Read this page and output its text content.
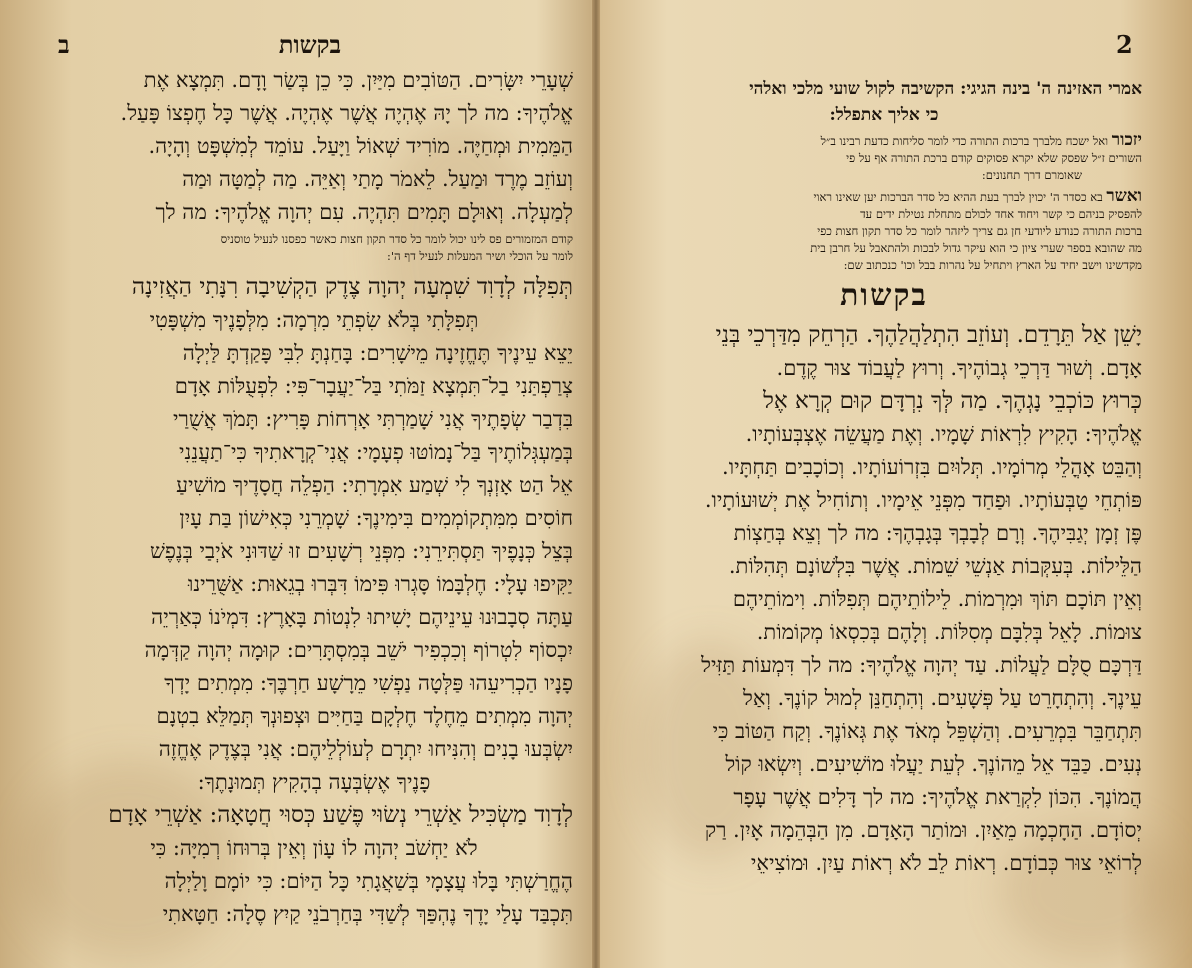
ב	בקשות
שְׁעָרֵי יִשָּׂרִים. הַטּוֹבִים מִיַּיִן. כִּי כֵן בְּשַׂר וָדָם. תִּמְצָא אֶת
אֱלֹהֶיךָ: מה לך יָהּ אֶהְיֶה אֲשֶׁר אֶהְיֶה. אֲשֶׁר כָּל חֶפְצוֹ פָּעַל.
הַמֵּמִית וּמְחַיֶּה. מוֹרִיד שְׁאוֹל וַיָּעַל. עוֹמֵד לְמִשְׁפָּט וְהָיָה.
וְעוֹזֵב מֶרֶד וּמַעַל. לֵאמֹר מָתַי וְאַיֵּה. מַה לְמַטָּה וּמַה
לְמַעְלָה. וְאוּלָם תָּמִים תִּהְיֶה. עִם יְהוָה אֱלֹהֶיךָ: מה לך
קודם המזמורים פס לינו יכול לומר כל סדר תקון חצות כאשר כפסנו לנעיל טוסניס
לומר על הוכלי ושיר המעלות לנעיל דף ה':
תְּפִלָּה לְדָוִד שִׁמְעָה יְהוָה צֶדֶק הַקְשִׁיבָה רִנָּתִי הַאֲזִינָה
תְּפִלָּתִי בְּלֹא שִׂפְתֵי מִרְמָה: מִלְּפָנֶיךָ מִשְׁפָּטִי
יֵצֵא עֵינֶיךָ תֶּחֱזֶינָה מֵישָׁרִים: בָּחַנְתָּ לִבִּי פָּקַדְתָּ לַּיְלָה
צְרַפְתַּנִי בַל־תִּמְצָא זַמֹּתִי בַּל־יַעֲבָר־פִּי: לִפְעֻלּוֹת אָדָם
בִּדְבַר שְׂפָתֶיךָ אֲנִי שָׁמַרְתִּי אָרְחוֹת פָּרִיץ: תָּמֹךְ אֲשֻׁרַי
בְּמַעְגְּלוֹתֶיךָ בַּל־נָמוֹטּוּ פְעָמָי: אֲנִי־קְרָאתִיךָ כִּי־תַעֲנֵנִי
אֵל הַט אָזְנְךָ לִי שְׁמַע אִמְרָתִי: הַפְלֵה חֲסָדֶיךָ מוֹשִׁיעַ
חוֹסִים מִמִּתְקוֹמְמִים בִּימִינֶךָ: שָׁמְרֵנִי כְּאִישׁוֹן בַּת עָיִן
בְּצֵל כְּנָפֶיךָ תַּסְתִּירֵנִי: מִפְּנֵי רְשָׁעִים זוּ שַׁדּוּנִי אֹיְבַי בְּנֶפֶשׁ
יַקִּיפוּ עָלָי: חֶלְבָּמוֹ סָּגְרוּ פִּימוֹ דִּבְּרוּ בְגֵאוּת: אַשֻּׁרֵינוּ
עַתָּה סְבָבוּנוּ עֵינֵיהֶם יָשִׁיתוּ לִנְטוֹת בָּאָרֶץ: דִּמְיֹנוֹ כְּאַרְיֵה
יִכְסוֹף לִטְרוֹף וְכִכְפִיר יֹשֵׁב בְּמִסְתָּרִים: קוּמָה יְהוָה קַדְּמָה
פָנָיו הַכְרִיעֵהוּ פַּלְּטָה נַפְשִׁי מֵרָשָׁע חַרְבֶּךָ: מִמְתִים יָדְךָ
יְהוָה מִמְתִים מֵחֶלֶד חֶלְקָם בַּחַיִּים וּצְפוּנְךָ תְּמַלֵּא בִטְנָם
יִשְׂבְּעוּ בָנִים וְהִנִּיחוּ יִתְרָם לְעוֹלְלֵיהֶם: אֲנִי בְּצֶדֶק אֶחֱזֶה
פָנֶיךָ אֶשְׂבְּעָה בְהָקִיץ תְּמוּנָתֶךָ:
לְדָוִד מַשְׂכִּיל אַשְׁרֵי נְשׂוּי פֶּשַׁע כְּסוּי חֲטָאָה: אַשְׁרֵי אָדָם
לֹא יַחְשֹׁב יְהוָה לוֹ עָוֹן וְאֵין בְּרוּחוֹ רְמִיָּה: כִּי
הֶחֱרַשְׁתִּי בָּלוּ עֲצָמָי בְּשַׁאֲגָתִי כָּל הַיּוֹם: כִּי יוֹמָם וָלַיְלָה
תִּכְבַּד עָלַי יָדֶךָ נֶהְפַּךְ לְשַׁדִּי בְּחַרְבֹנֵי קַיִץ סֶלָה: חַטָּאתִי
2
אמרי האזינה ה' בינה הגיגי: הקשיבה לקול שועי מלכי ואלהי
כי אליך אתפלל:
יזכור ואל ישכח מלברך ברכות התורה כדי לומר סליחות כדעת רבינו ב״ל
השורים ז״ל שפסק שלא יקרא פסוקים קודם ברכת התורה אף על פי
שאומרם דרך תחנונים:
ואשר בא כסדר ה' יכוין לברך בעת ההיא כל סדר הברכות יען שאינו ראוי
להפסיק בניהם כי קשר ויחוד אחד לכולם מתחלת נטילת ידים עד
ברכות התורה כנודע ליודעי חן גם צריך ליזהר לומר כל סדר תקון חצות כפי
מה שהובא בספר שערי ציון כי הוא עיקר גדול לבכות ולהתאבל על חרבן בית
מקדשינו וישב יחיד על הארץ ויתחיל על נהרות בבל וכו' כנכתוב שם:
בקשות
יָשֵׁן אַל תֵּרָדֵם. וְעוֹזֵב הִתְלַהֲלַהֶךָ. הַרְחֵק מִדַּרְכֵי בְּנֵי
אָדָם. וְשׁוּר דַּרְכֵי גְבוֹהֶיךָ. וְרוּץ לַעֲבוֹד צוּר קֶדֶם.
כְּרוּץ כּוֹכְבֵי נָגְהֶךָ. מַה לְּךָ נִרְדָּם קוּם קְרָא אֶל
אֱלֹהֶיךָ: הָקִיץ לִרְאוֹת שָׁמָיו. וְאֶת מַעֲשֵׂה אֶצְבְּעוֹתָיו.
וְהַבֵּט אָהֳלֵי מְרוֹמָיו. תְּלוּיִם בִּזְרוֹעוֹתָיו. וְכוֹכָבִים תַּחְתָּיו.
פּוֹתְחֵי טַבְּעוֹתָיו. וּפַחַד מִפְּנֵי אֵימָיו. וְתוֹחִיל אֶת יְשׁוּעוֹתָיו.
פֶּן זְמָן יְגַבִּיהֶךָ. וְרָם לְבָבְךָ בְּגָבְהֶךָ: מה לך וְצֵא בְּחַצְוֹת
הַלֵּילוֹת. בְּעִקְּבוֹת אַנְשֵׁי שֵׁמוֹת. אֲשֶׁר בִּלְשׁוֹנָם תְּהִלּוֹת.
וְאֵין תּוֹכָם תּוֹךְ וּמִרְמוֹת. לֵילוֹתֵיהֶם תְּפִלּוֹת. וִימוֹתֵיהֶם
צוּמוֹת. לָאֵל בְּלִבָּם מְסִלּוֹת. וְלָהֶם בְּכִסְאוֹ מְקוֹמוֹת.
דַּרְכָּם סֻלָּם לַעֲלוֹת. עַד יְהוָה אֱלֹהֶיךָ: מה לך דִּמְעוֹת תַּזִּיל
עֵינֶךָ. וְהִתְחָרֵט עַל פְּשָׁעִים. וְהִתְחַנֵּן לְמוּל קוֹנֶךָ. וְאַל
תִּתְחַבֵּר בִּמְרֵעִים. וְהַשְׁפֵּל מְאֹד אֶת גְּאוֹנֶךָ. וְקַח הַטּוֹב כִּי
נְעִים. כַּבֵּד אֵל מֵהוֹנֶךָ. לְעֵת יַעֲלוּ מוֹשִׁיעִים. וְיִשְׂאוּ קוֹל
הֲמוֹנֶךָ. הִכּוֹן לִקְרַאת אֱלֹהֶיךָ: מה לך דָּלִים אֲשֶׁר עָפָר
יְסוֹדָם. הַחָכְמָה מֵאַיִן. וּמוֹתַר הָאָדָם. מִן הַבְּהֵמָה אָיִן. רַק
לְרוֹאֵי צוּר כְּבוֹדָם. רְאוֹת לֵב לֹא רְאוֹת עַיִן. וּמוֹצִיאֵי
